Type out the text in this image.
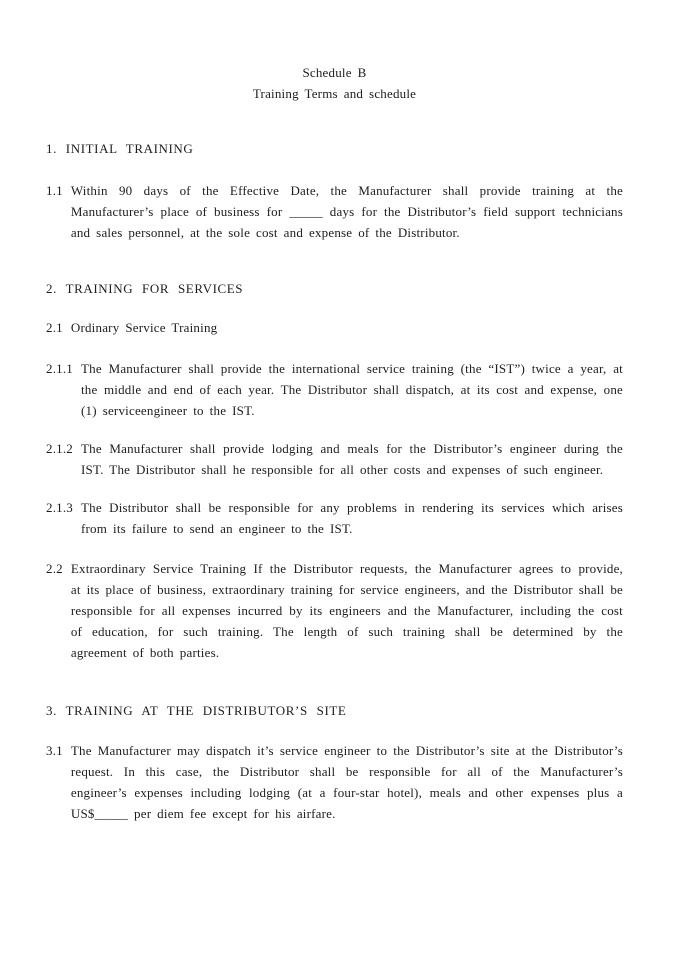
Schedule B
Training Terms and schedule
1. INITIAL TRAINING
1.1 Within 90 days of the Effective Date, the Manufacturer shall provide training at the Manufacturer’s place of business for _____ days for the Distributor’s field support technicians and sales personnel, at the sole cost and expense of the Distributor.
2. TRAINING FOR SERVICES
2.1 Ordinary Service Training
2.1.1 The Manufacturer shall provide the international service training (the “IST”) twice a year, at the middle and end of each year. The Distributor shall dispatch, at its cost and expense, one (1) serviceengineer to the IST.
2.1.2 The Manufacturer shall provide lodging and meals for the Distributor’s engineer during the IST. The Distributor shall he responsible for all other costs and expenses of such engineer.
2.1.3 The Distributor shall be responsible for any problems in rendering its services which arises from its failure to send an engineer to the IST.
2.2 Extraordinary Service Training If the Distributor requests, the Manufacturer agrees to provide, at its place of business, extraordinary training for service engineers, and the Distributor shall be responsible for all expenses incurred by its engineers and the Manufacturer, including the cost of education, for such training. The length of such training shall be determined by the agreement of both parties.
3. TRAINING AT THE DISTRIBUTOR’S SITE
3.1 The Manufacturer may dispatch it’s service engineer to the Distributor’s site at the Distributor’s request. In this case, the Distributor shall be responsible for all of the Manufacturer’s engineer’s expenses including lodging (at a four-star hotel), meals and other expenses plus a US$_____ per diem fee except for his airfare.
